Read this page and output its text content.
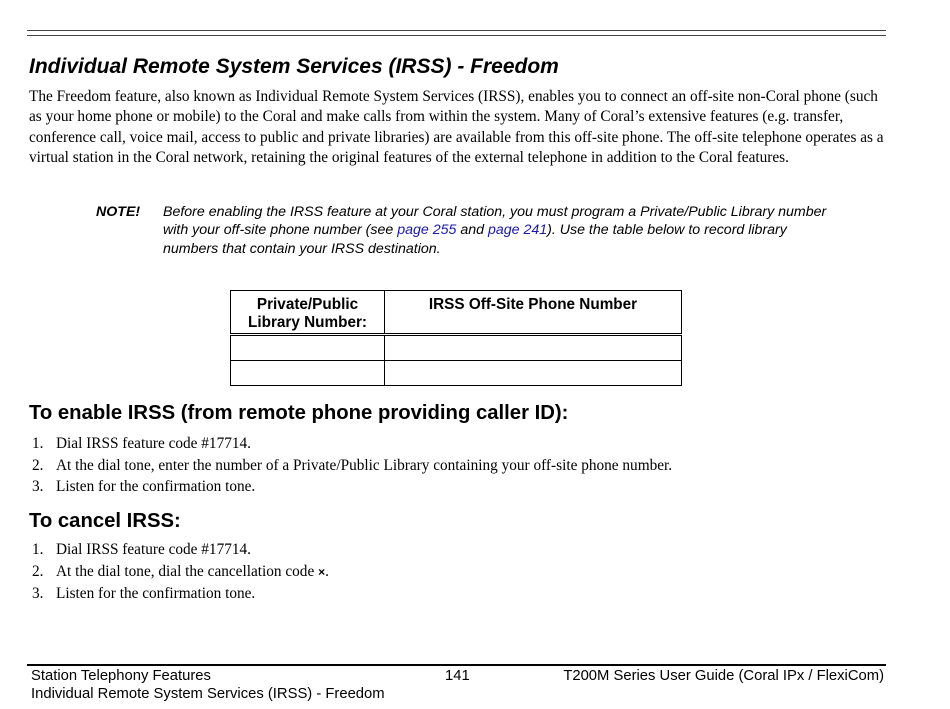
Individual Remote System Services (IRSS) - Freedom

The Freedom feature, also known as Individual Remote System Services (IRSS), enables you to connect an off-site non-Coral phone (such as your home phone or mobile) to the Coral and make calls from within the system. Many of Coral’s extensive features (e.g. transfer, conference call, voice mail, access to public and private libraries) are available from this off-site phone. The off-site telephone operates as a virtual station in the Coral network, retaining the original features of the external telephone in addition to the Coral features.

NOTE! Before enabling the IRSS feature at your Coral station, you must program a Private/Public Library number with your off-site phone number (see page 255 and page 241). Use the table below to record library numbers that contain your IRSS destination.
Private/Public Library Number:	IRSS Off-Site Phone Number

To enable IRSS (from remote phone providing caller ID):
1. Dial IRSS feature code #17714.
2. At the dial tone, enter the number of a Private/Public Library containing your off-site phone number.
3. Listen for the confirmation tone.
To cancel IRSS:
1. Dial IRSS feature code #17714.
2. At the dial tone, dial the cancellation code ×.
3. Listen for the confirmation tone.
Station Telephony Features
Individual Remote System Services (IRSS) - Freedom
141	T200M Series User Guide (Coral IPx / FlexiCom)
